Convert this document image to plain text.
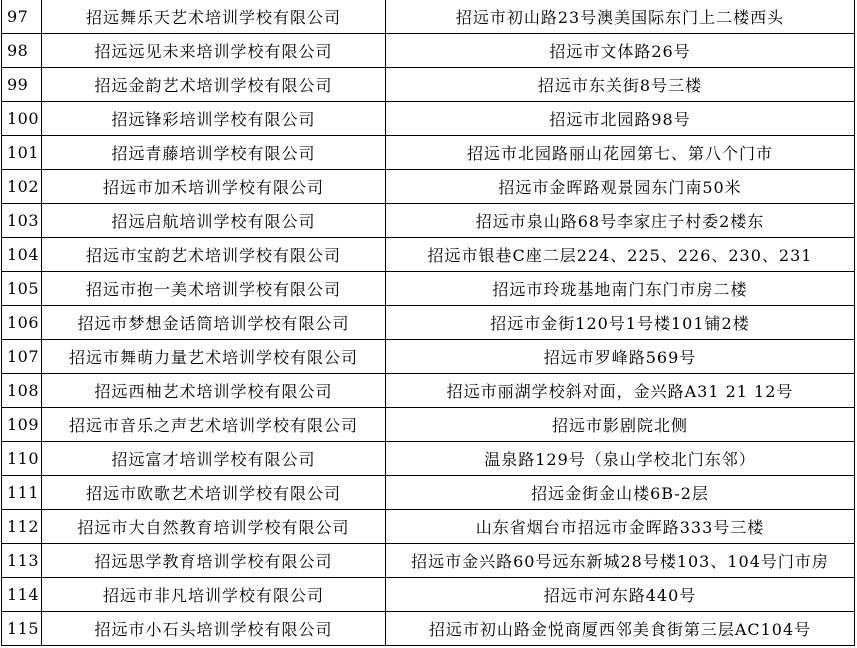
97	招远舞乐天艺术培训学校有限公司	招远市初山路23号澳美国际东门上二楼西头
98	招远远见未来培训学校有限公司	招远市文体路26号
99	招远金韵艺术培训学校有限公司	招远市东关街8号三楼
100	招远锋彩培训学校有限公司	招远市北园路98号
101	招远青藤培训学校有限公司	招远市北园路丽山花园第七、第八个门市
102	招远市加禾培训学校有限公司	招远市金晖路观景园东门南50米
103	招远启航培训学校有限公司	招远市泉山路68号李家庄子村委2楼东
104	招远市宝韵艺术培训学校有限公司	招远市银巷C座二层224、225、226、230、231
105	招远市抱一美术培训学校有限公司	招远市玲珑基地南门东门市房二楼
106	招远市梦想金话筒培训学校有限公司	招远市金街120号1号楼101铺2楼
107	招远市舞萌力量艺术培训学校有限公司	招远市罗峰路569号
108	招远西柚艺术培训学校有限公司	招远市丽湖学校斜对面，金兴路A31 21 12号
109	招远市音乐之声艺术培训学校有限公司	招远市影剧院北侧
110	招远富才培训学校有限公司	温泉路129号（泉山学校北门东邻）
111	招远市欧歌艺术培训学校有限公司	招远金街金山楼6B-2层
112	招远市大自然教育培训学校有限公司	山东省烟台市招远市金晖路333号三楼
113	招远思学教育培训学校有限公司	招远市金兴路60号远东新城28号楼103、104号门市房
114	招远市非凡培训学校有限公司	招远市河东路440号
115	招远市小石头培训学校有限公司	招远市初山路金悦商厦西邻美食街第三层AC104号
